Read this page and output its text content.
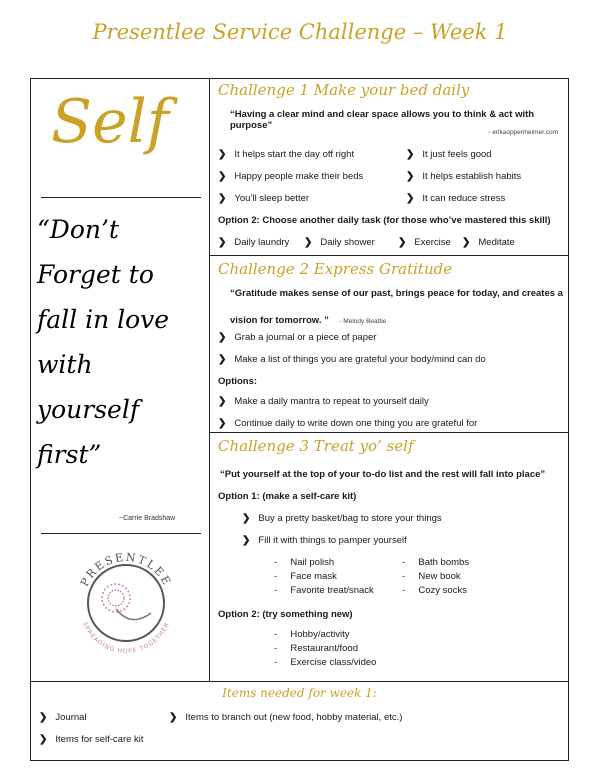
Presentlee Service Challenge – Week 1
Self
“Don’t
Forget to
fall in love
with
yourself
first”
~Carrie Bradshaw
PRESENTLEE
SPREADING HOPE TOGETHER
Challenge 1 Make your bed daily
“Having a clear mind and clear space allows you to think & act with purpose”
- erikaoppenheimer.com
❯ It helps start the day off right
❯ Happy people make their beds
❯ You’ll sleep better
❯ It just feels good
❯ It helps establish habits
❯ It can reduce stress
Option 2: Choose another daily task (for those who’ve mastered this skill)
❯ Daily laundry ❯ Daily shower ❯ Exercise ❯ Meditate
Challenge 2 Express Gratitude
“Gratitude makes sense of our past, brings peace for today, and creates a
vision for tomorrow. ” - Melody Beattie
❯ Grab a journal or a piece of paper
❯ Make a list of things you are grateful your body/mind can do
Options:
❯ Make a daily mantra to repeat to yourself daily
❯ Continue daily to write down one thing you are grateful for
Challenge 3 Treat yo’ self
“Put yourself at the top of your to-do list and the rest will fall into place”
Option 1: (make a self-care kit)
❯ Buy a pretty basket/bag to store your things
❯ Fill it with things to pamper yourself
-     Nail polish
-     Face mask
-     Favorite treat/snack
-     Bath bombs
-     New book
-     Cozy socks
Option 2: (try something new)
-     Hobby/activity
-     Restaurant/food
-     Exercise class/video
Items needed for week 1:
❯ Journal	❯ Items to branch out (new food, hobby material, etc.)
❯ Items for self-care kit
